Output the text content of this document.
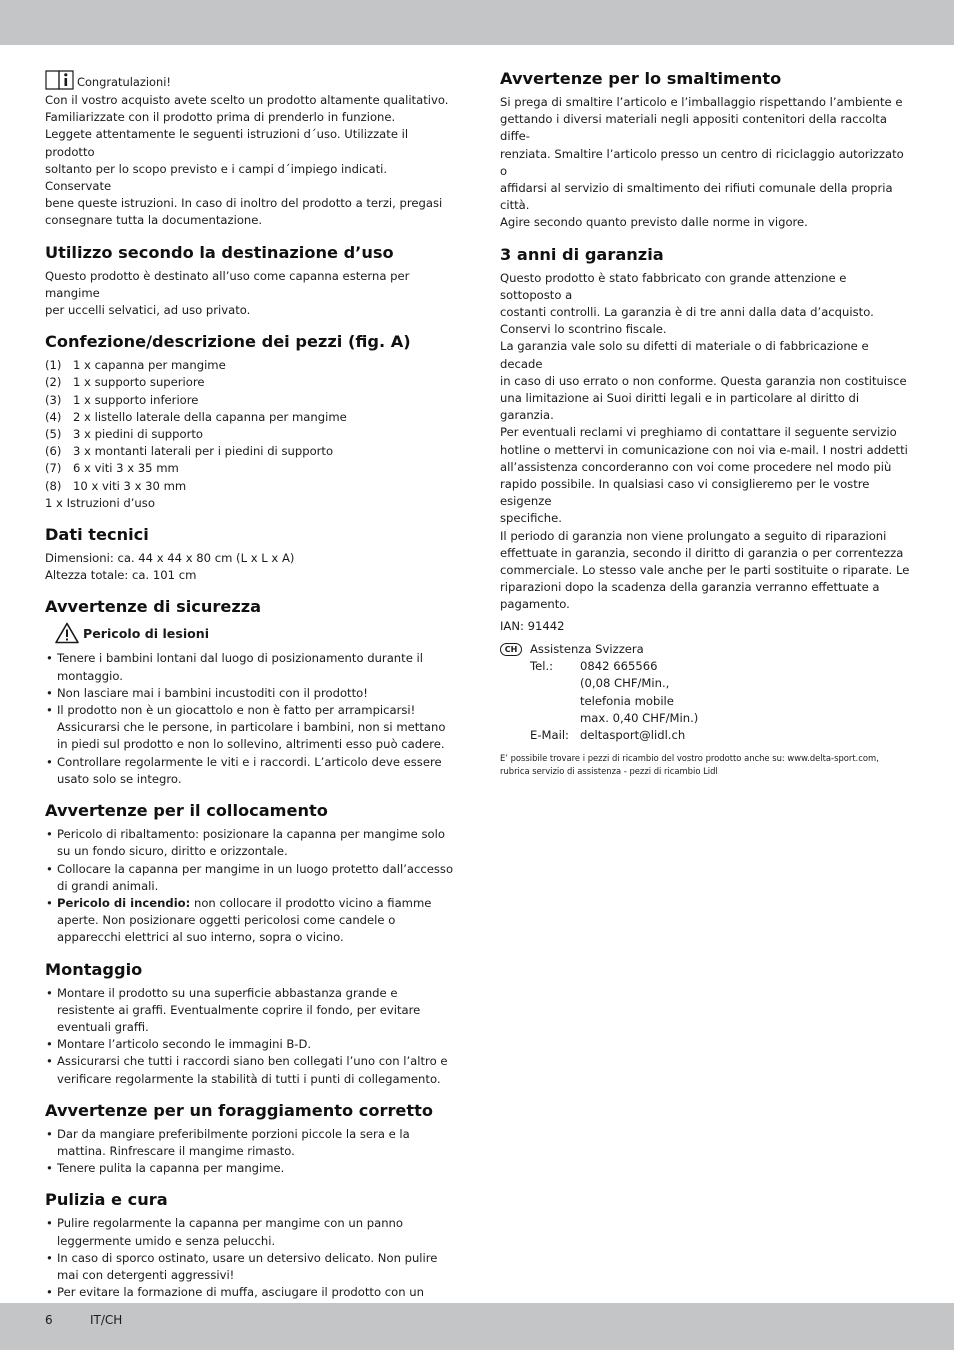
Congratulazioni!

Con il vostro acquisto avete scelto un prodotto altamente qualitativo.

Familiarizzate con il prodotto prima di prenderlo in funzione.

Leggete attentamente le seguenti istruzioni d´uso. Utilizzate il prodotto

soltanto per lo scopo previsto e i campi d´impiego indicati. Conservate

bene queste istruzioni. In caso di inoltro del prodotto a terzi, pregasi

consegnare tutta la documentazione.

Utilizzo secondo la destinazione d’uso

Questo prodotto è destinato all’uso come capanna esterna per mangime

per uccelli selvatici, ad uso privato.

Confezione/descrizione dei pezzi (fig. A)
(1) 1 x capanna per mangime
(2) 1 x supporto superiore
(3) 1 x supporto inferiore
(4) 2 x listello laterale della capanna per mangime
(5) 3 x piedini di supporto
(6) 3 x montanti laterali per i piedini di supporto
(7) 6 x viti 3 x 35 mm
(8) 10 x viti 3 x 30 mm

1 x Istruzioni d’uso

Dati tecnici

Dimensioni: ca. 44 x 44 x 80 cm (L x L x A)

Altezza totale: ca. 101 cm

Avvertenze di sicurezza
Pericolo di lesioni
• Tenere i bambini lontani dal luogo di posizionamento durante il montaggio.
• Non lasciare mai i bambini incustoditi con il prodotto!
• Il prodotto non è un giocattolo e non è fatto per arrampicarsi! Assicurarsi che le persone, in particolare i bambini, non si mettano in piedi sul prodotto e non lo sollevino, altrimenti esso può cadere.
• Controllare regolarmente le viti e i raccordi. L’articolo deve essere usato solo se integro.
Avvertenze per il collocamento
• Pericolo di ribaltamento: posizionare la capanna per mangime solo su un fondo sicuro, diritto e orizzontale.
• Collocare la capanna per mangime in un luogo protetto dall’accesso di grandi animali.
• Pericolo di incendio: non collocare il prodotto vicino a fiamme aperte. Non posizionare oggetti pericolosi come candele o apparecchi elettrici al suo interno, sopra o vicino.
Montaggio
• Montare il prodotto su una superficie abbastanza grande e resistente ai graffi. Eventualmente coprire il fondo, per evitare eventuali graffi.
• Montare l’articolo secondo le immagini B-D.
• Assicurarsi che tutti i raccordi siano ben collegati l’uno con l’altro e verificare regolarmente la stabilità di tutti i punti di collegamento.
Avvertenze per un foraggiamento corretto
• Dar da mangiare preferibilmente porzioni piccole la sera e la mattina. Rinfrescare il mangime rimasto.
• Tenere pulita la capanna per mangime.
Pulizia e cura
• Pulire regolarmente la capanna per mangime con un panno leggermente umido e senza pelucchi.
• In caso di sporco ostinato, usare un detersivo delicato. Non pulire mai con detergenti aggressivi!
• Per evitare la formazione di muffa, asciugare il prodotto con un
Avvertenze per lo smaltimento

Si prega di smaltire l’articolo e l’imballaggio rispettando l’ambiente e

gettando i diversi materiali negli appositi contenitori della raccolta diffe-

renziata. Smaltire l’articolo presso un centro di riciclaggio autorizzato o

affidarsi al servizio di smaltimento dei rifiuti comunale della propria città.

Agire secondo quanto previsto dalle norme in vigore.

3 anni di garanzia

Questo prodotto è stato fabbricato con grande attenzione e sottoposto a

costanti controlli. La garanzia è di tre anni dalla data d’acquisto.

Conservi lo scontrino fiscale.

La garanzia vale solo su difetti di materiale o di fabbricazione e decade

in caso di uso errato o non conforme. Questa garanzia non costituisce

una limitazione ai Suoi diritti legali e in particolare al diritto di garanzia.

Per eventuali reclami vi preghiamo di contattare il seguente servizio

hotline o mettervi in comunicazione con noi via e-mail. I nostri addetti

all’assistenza concorderanno con voi come procedere nel modo più

rapido possibile. In qualsiasi caso vi consiglieremo per le vostre esigenze

specifiche.

Il periodo di garanzia non viene prolungato a seguito di riparazioni

effettuate in garanzia, secondo il diritto di garanzia o per correntezza

commerciale. Lo stesso vale anche per le parti sostituite o riparate. Le

riparazioni dopo la scadenza della garanzia verranno effettuate a

pagamento.

IAN: 91442

CH	Assistenza Svizzera
Tel.:	0842 665566
(0,08 CHF/Min.,
telefonia mobile
max. 0,40 CHF/Min.)
E-Mail: deltasport@lidl.ch
E’ possibile trovare i pezzi di ricambio del vostro prodotto anche su: www.delta-sport.com,
rubrica servizio di assistenza - pezzi di ricambio Lidl
6	IT/CH
